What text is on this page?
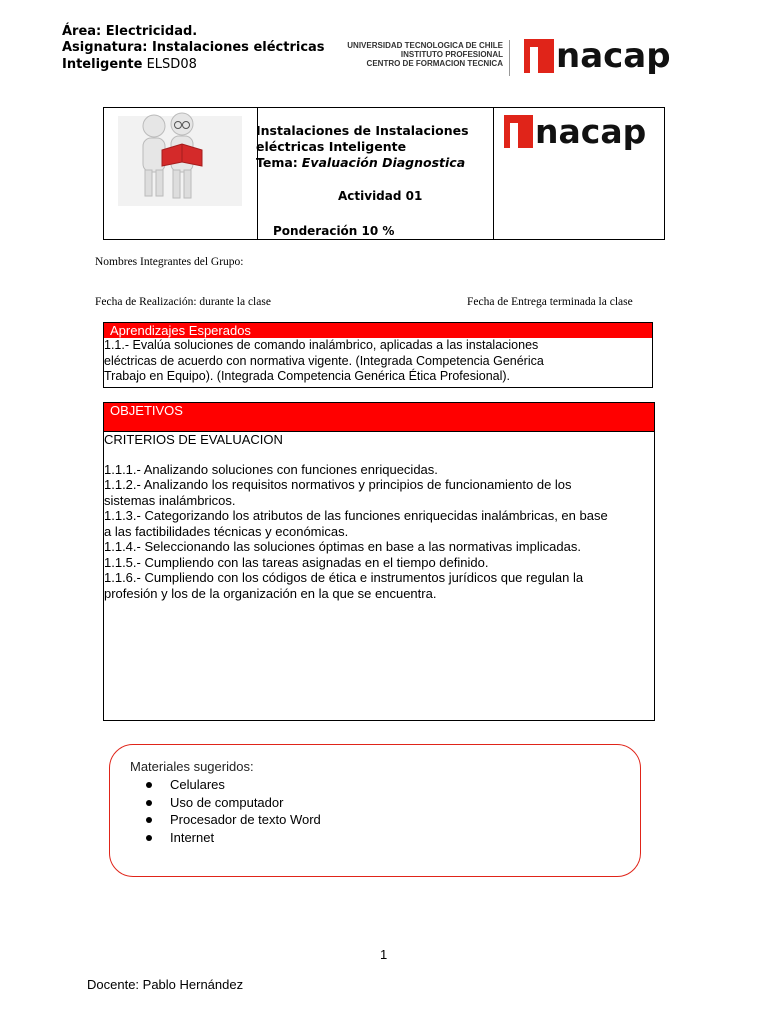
Área: Electricidad.
Asignatura: Instalaciones eléctricas
Inteligente ELSD08
UNIVERSIDAD TECNOLOGICA DE CHILE
INSTITUTO PROFESIONAL
CENTRO DE FORMACION TECNICA nacap
nacap
Instalaciones de Instalaciones
eléctricas Inteligente
Tema: Evaluación Diagnostica
Actividad 01
Ponderación 10 %
Nombres Integrantes del Grupo:
Fecha de Realización: durante la clase	Fecha de Entrega terminada la clase
Aprendizajes Esperados
1.1.- Evalúa soluciones de comando inalámbrico, aplicadas a las instalaciones
eléctricas de acuerdo con normativa vigente. (Integrada Competencia Genérica
Trabajo en Equipo). (Integrada Competencia Genérica Ética Profesional).
OBJETIVOS
CRITERIOS DE EVALUACION
1.1.1.- Analizando soluciones con funciones enriquecidas.
1.1.2.- Analizando los requisitos normativos y principios de funcionamiento de los
sistemas inalámbricos.
1.1.3.- Categorizando los atributos de las funciones enriquecidas inalámbricas, en base
a las factibilidades técnicas y económicas.
1.1.4.- Seleccionando las soluciones óptimas en base a las normativas implicadas.
1.1.5.- Cumpliendo con las tareas asignadas en el tiempo definido.
1.1.6.- Cumpliendo con los códigos de ética e instrumentos jurídicos que regulan la
profesión y los de la organización en la que se encuentra.
Materiales sugeridos:
Celulares
Uso de computador
Procesador de texto Word
Internet
1
Docente: Pablo Hernández
